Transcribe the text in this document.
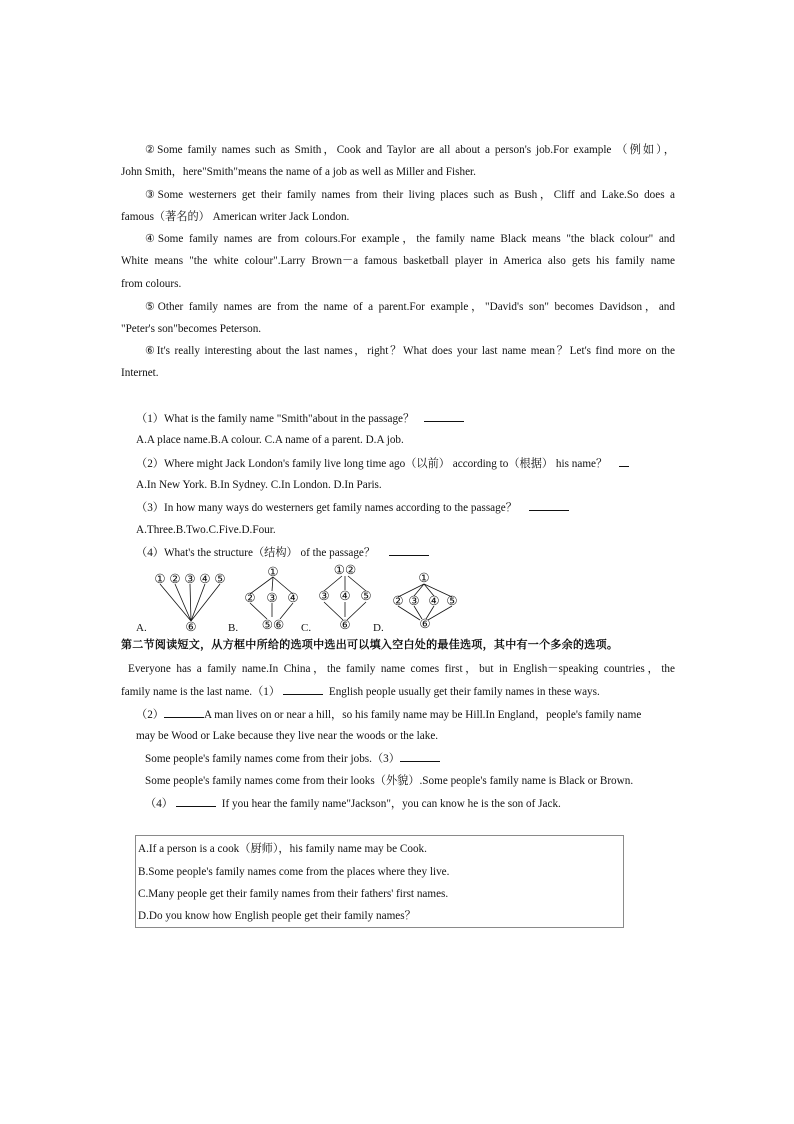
②Some family names such as Smith，Cook and Taylor are all about a person's job.For example （例如），
John Smith，here"Smith"means the name of a job as well as Miller and Fisher.
③Some westerners get their family names from their living places such as Bush，Cliff and Lake.So does a
famous（著名的） American writer Jack London.
④Some family names are from colours.For example，the family name Black means "the black colour" and
White means "the white colour".Larry Brown－a famous basketball player in America also gets his family name
from colours.
⑤Other family names are from the name of a parent.For example，"David's son" becomes Davidson，and
"Peter's son"becomes Peterson.
⑥It's really interesting about the last names，right？What does your last name mean？Let's find more on the
Internet.
（1）What is the family name "Smith"about in the passage？
A.A place name.B.A colour. C.A name of a parent. D.A job.
（2）Where might Jack London's family live long time ago（以前） according to（根据） his name？
A.In New York. B.In Sydney. C.In London. D.In Paris.
（3）In how many ways do westerners get family names according to the passage？
A.Three.B.Two.C.Five.D.Four.
（4）What's the structure（结构） of the passage？
① ② ③ ④ ⑤
⑥
①
② ③ ④
⑤⑥
①②
③ ④ ⑤
⑥
①
② ③ ④ ⑤
⑥
A.	B.	C.	D.
第二节阅读短文，从方框中所给的选项中选出可以填入空白处的最佳选项，其中有一个多余的选项。
Everyone has a family name.In China，the family name comes first，but in English－speaking countries，the
family name is the last name.（1）	English people usually get their family names in these ways.
（2）	A man lives on or near a hill，so his family name may be Hill.In England，people's family name
may be Wood or Lake because they live near the woods or the lake.
Some people's family names come from their jobs.（3）
Some people's family names come from their looks（外貌）.Some people's family name is Black or Brown.
（4）	If you hear the family name"Jackson"，you can know he is the son of Jack.
A.If a person is a cook（厨师），his family name may be Cook.
B.Some people's family names come from the places where they live.
C.Many people get their family names from their fathers' first names.
D.Do you know how English people get their family names？
